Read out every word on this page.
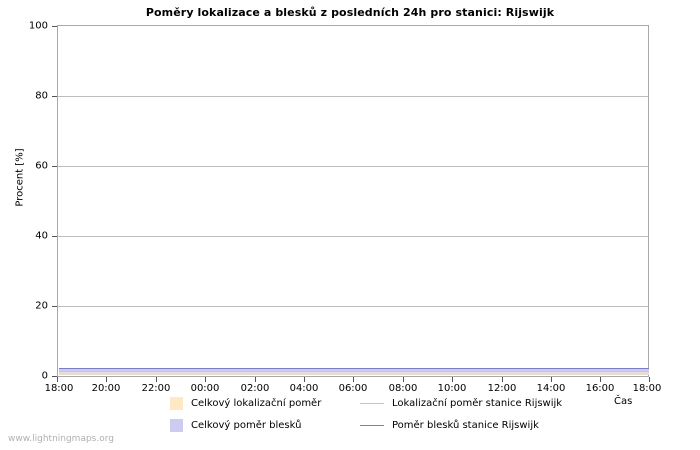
Poměry lokalizace a blesků z posledních 24h pro stanici: Rijswijk
Procent [%]
100
80
60
40
20
0
18:00 20:00 22:00 00:00 02:00 04:00 06:00 08:00 10:00 12:00 14:00 16:00 18:00
Čas
Celkový lokalizační poměr	Lokalizační poměr stanice Rijswijk
Celkový poměr blesků	Poměr blesků stanice Rijswijk
www.lightningmaps.org
